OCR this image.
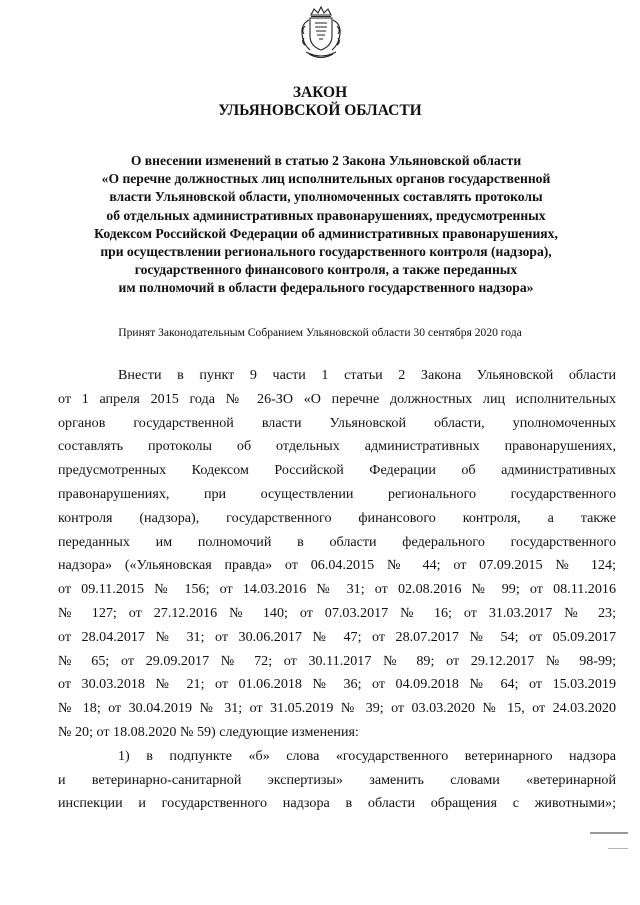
ЗАКОН
УЛЬЯНОВСКОЙ ОБЛАСТИ
О внесении изменений в статью 2 Закона Ульяновской области
«О перечне должностных лиц исполнительных органов государственной
власти Ульяновской области, уполномоченных составлять протоколы
об отдельных административных правонарушениях, предусмотренных
Кодексом Российской Федерации об административных правонарушениях,
при осуществлении регионального государственного контроля (надзора),
государственного финансового контроля, а также переданных
им полномочий в области федерального государственного надзора»
Принят Законодательным Собранием Ульяновской области 30 сентября 2020 года
Внести в пункт 9 части 1 статьи 2 Закона Ульяновской области
от 1 апреля 2015 года № 26-ЗО «О перечне должностных лиц исполнительных
органов государственной власти Ульяновской области, уполномоченных
составлять протоколы об отдельных административных правонарушениях,
предусмотренных Кодексом Российской Федерации об административных
правонарушениях, при осуществлении регионального государственного
контроля (надзора), государственного финансового контроля, а также
переданных им полномочий в области федерального государственного
надзора» («Ульяновская правда» от 06.04.2015 № 44; от 07.09.2015 № 124;
от 09.11.2015 № 156; от 14.03.2016 № 31; от 02.08.2016 № 99; от 08.11.2016
№ 127; от 27.12.2016 № 140; от 07.03.2017 № 16; от 31.03.2017 № 23;
от 28.04.2017 № 31; от 30.06.2017 № 47; от 28.07.2017 № 54; от 05.09.2017
№ 65; от 29.09.2017 № 72; от 30.11.2017 № 89; от 29.12.2017 № 98-99;
от 30.03.2018 № 21; от 01.06.2018 № 36; от 04.09.2018 № 64; от 15.03.2019
№ 18; от 30.04.2019 № 31; от 31.05.2019 № 39; от 03.03.2020 № 15, от 24.03.2020
№ 20; от 18.08.2020 № 59) следующие изменения:
1) в подпункте «б» слова «государственного ветеринарного надзора
и ветеринарно-санитарной экспертизы» заменить словами «ветеринарной
инспекции и государственного надзора в области обращения с животными»;
